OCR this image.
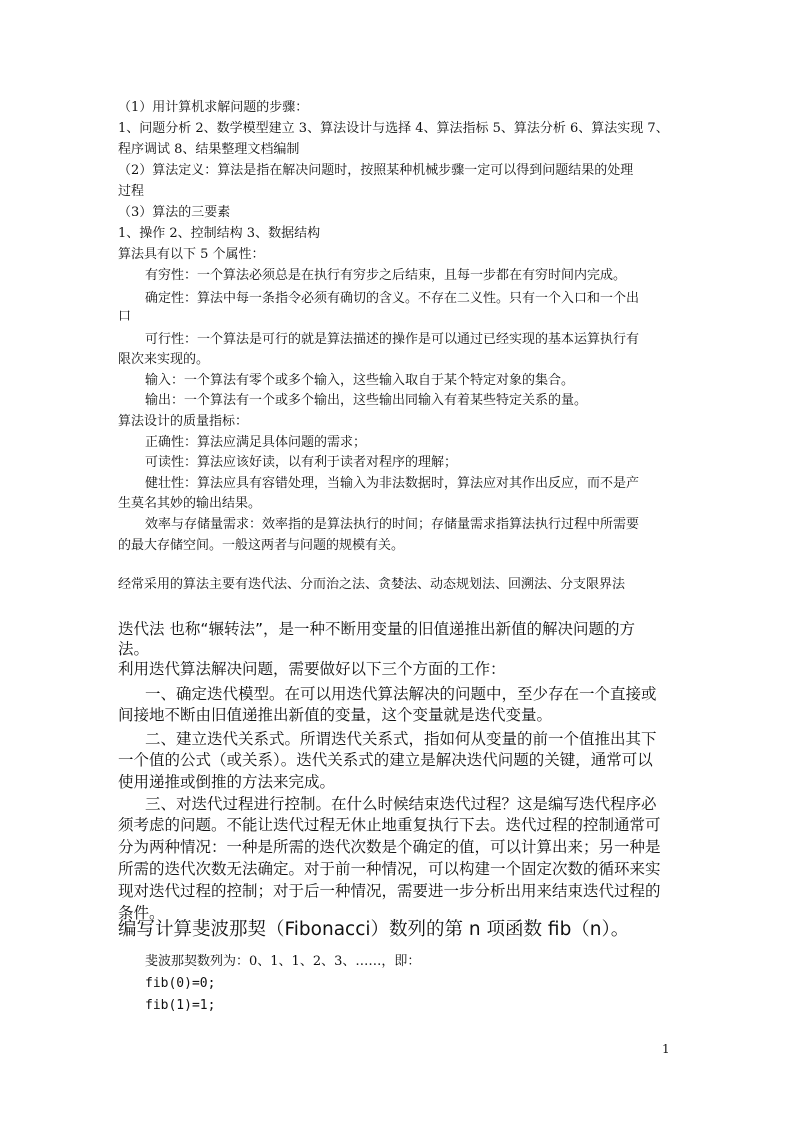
（1）用计算机求解问题的步骤：
1、问题分析 2、数学模型建立 3、算法设计与选择 4、算法指标 5、算法分析 6、算法实现 7、
程序调试 8、结果整理文档编制
（2）算法定义：算法是指在解决问题时，按照某种机械步骤一定可以得到问题结果的处理
过程
（3）算法的三要素
1、操作 2、控制结构 3、数据结构
算法具有以下 5 个属性：
有穷性：一个算法必须总是在执行有穷步之后结束，且每一步都在有穷时间内完成。
确定性：算法中每一条指令必须有确切的含义。不存在二义性。只有一个入口和一个出
口
可行性：一个算法是可行的就是算法描述的操作是可以通过已经实现的基本运算执行有
限次来实现的。
输入：一个算法有零个或多个输入，这些输入取自于某个特定对象的集合。
输出：一个算法有一个或多个输出，这些输出同输入有着某些特定关系的量。
算法设计的质量指标：
正确性：算法应满足具体问题的需求；
可读性：算法应该好读，以有利于读者对程序的理解；
健壮性：算法应具有容错处理，当输入为非法数据时，算法应对其作出反应，而不是产
生莫名其妙的输出结果。
效率与存储量需求：效率指的是算法执行的时间；存储量需求指算法执行过程中所需要
的最大存储空间。一般这两者与问题的规模有关。
经常采用的算法主要有迭代法、分而治之法、贪婪法、动态规划法、回溯法、分支限界法
迭代法 也称“辗转法”，是一种不断用变量的旧值递推出新值的解决问题的方
法。
利用迭代算法解决问题，需要做好以下三个方面的工作：
一、确定迭代模型。在可以用迭代算法解决的问题中，至少存在一个直接或
间接地不断由旧值递推出新值的变量，这个变量就是迭代变量。
二、建立迭代关系式。所谓迭代关系式，指如何从变量的前一个值推出其下
一个值的公式（或关系）。迭代关系式的建立是解决迭代问题的关键，通常可以
使用递推或倒推的方法来完成。
三、对迭代过程进行控制。在什么时候结束迭代过程？这是编写迭代程序必
须考虑的问题。不能让迭代过程无休止地重复执行下去。迭代过程的控制通常可
分为两种情况：一种是所需的迭代次数是个确定的值，可以计算出来；另一种是
所需的迭代次数无法确定。对于前一种情况，可以构建一个固定次数的循环来实
现对迭代过程的控制；对于后一种情况，需要进一步分析出用来结束迭代过程的
条件。
编写计算斐波那契（Fibonacci）数列的第 n 项函数 fib（n）。
斐波那契数列为：0、1、1、2、3、……，即：
fib(0)=0;
fib(1)=1;
1
